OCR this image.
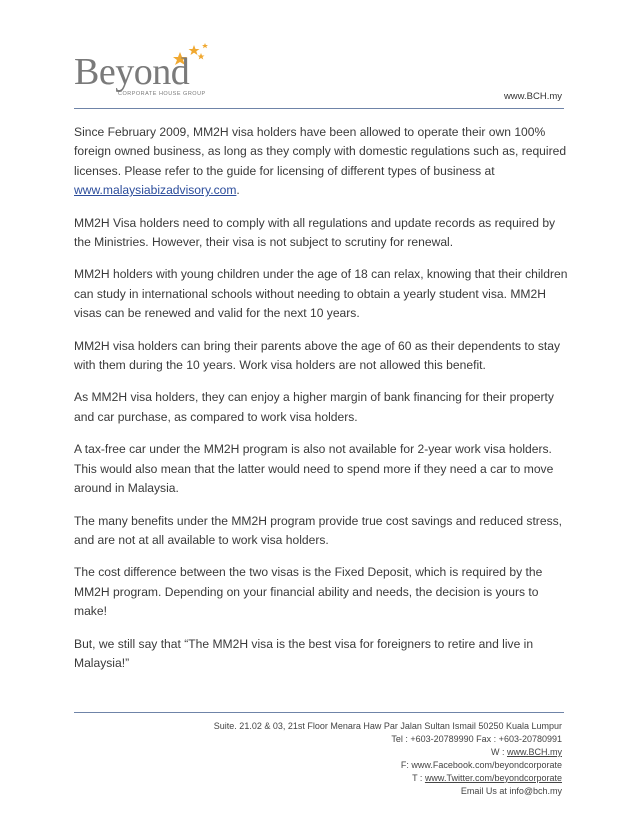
Beyond
CORPORATE HOUSE GROUP	www.BCH.my

Since February 2009, MM2H visa holders have been allowed to operate their own 100% foreign owned business, as long as they comply with domestic regulations such as, required licenses. Please refer to the guide for licensing of different types of business at www.malaysiabizadvisory.com.

MM2H Visa holders need to comply with all regulations and update records as required by the Ministries. However, their visa is not subject to scrutiny for renewal.

MM2H holders with young children under the age of 18 can relax, knowing that their children can study in international schools without needing to obtain a yearly student visa. MM2H visas can be renewed and valid for the next 10 years.

MM2H visa holders can bring their parents above the age of 60 as their dependents to stay with them during the 10 years. Work visa holders are not allowed this benefit.

As MM2H visa holders, they can enjoy a higher margin of bank financing for their property and car purchase, as compared to work visa holders.

A tax-free car under the MM2H program is also not available for 2-year work visa holders. This would also mean that the latter would need to spend more if they need a car to move around in Malaysia.

The many benefits under the MM2H program provide true cost savings and reduced stress, and are not at all available to work visa holders.

The cost difference between the two visas is the Fixed Deposit, which is required by the MM2H program. Depending on your financial ability and needs, the decision is yours to make!

But, we still say that “The MM2H visa is the best visa for foreigners to retire and live in Malaysia!”

Suite. 21.02 & 03, 21st Floor Menara Haw Par Jalan Sultan Ismail 50250 Kuala Lumpur
Tel : +603-20789990 Fax : +603-20780991
W : www.BCH.my
F: www.Facebook.com/beyondcorporate
T : www.Twitter.com/beyondcorporate
Email Us at info@bch.my
